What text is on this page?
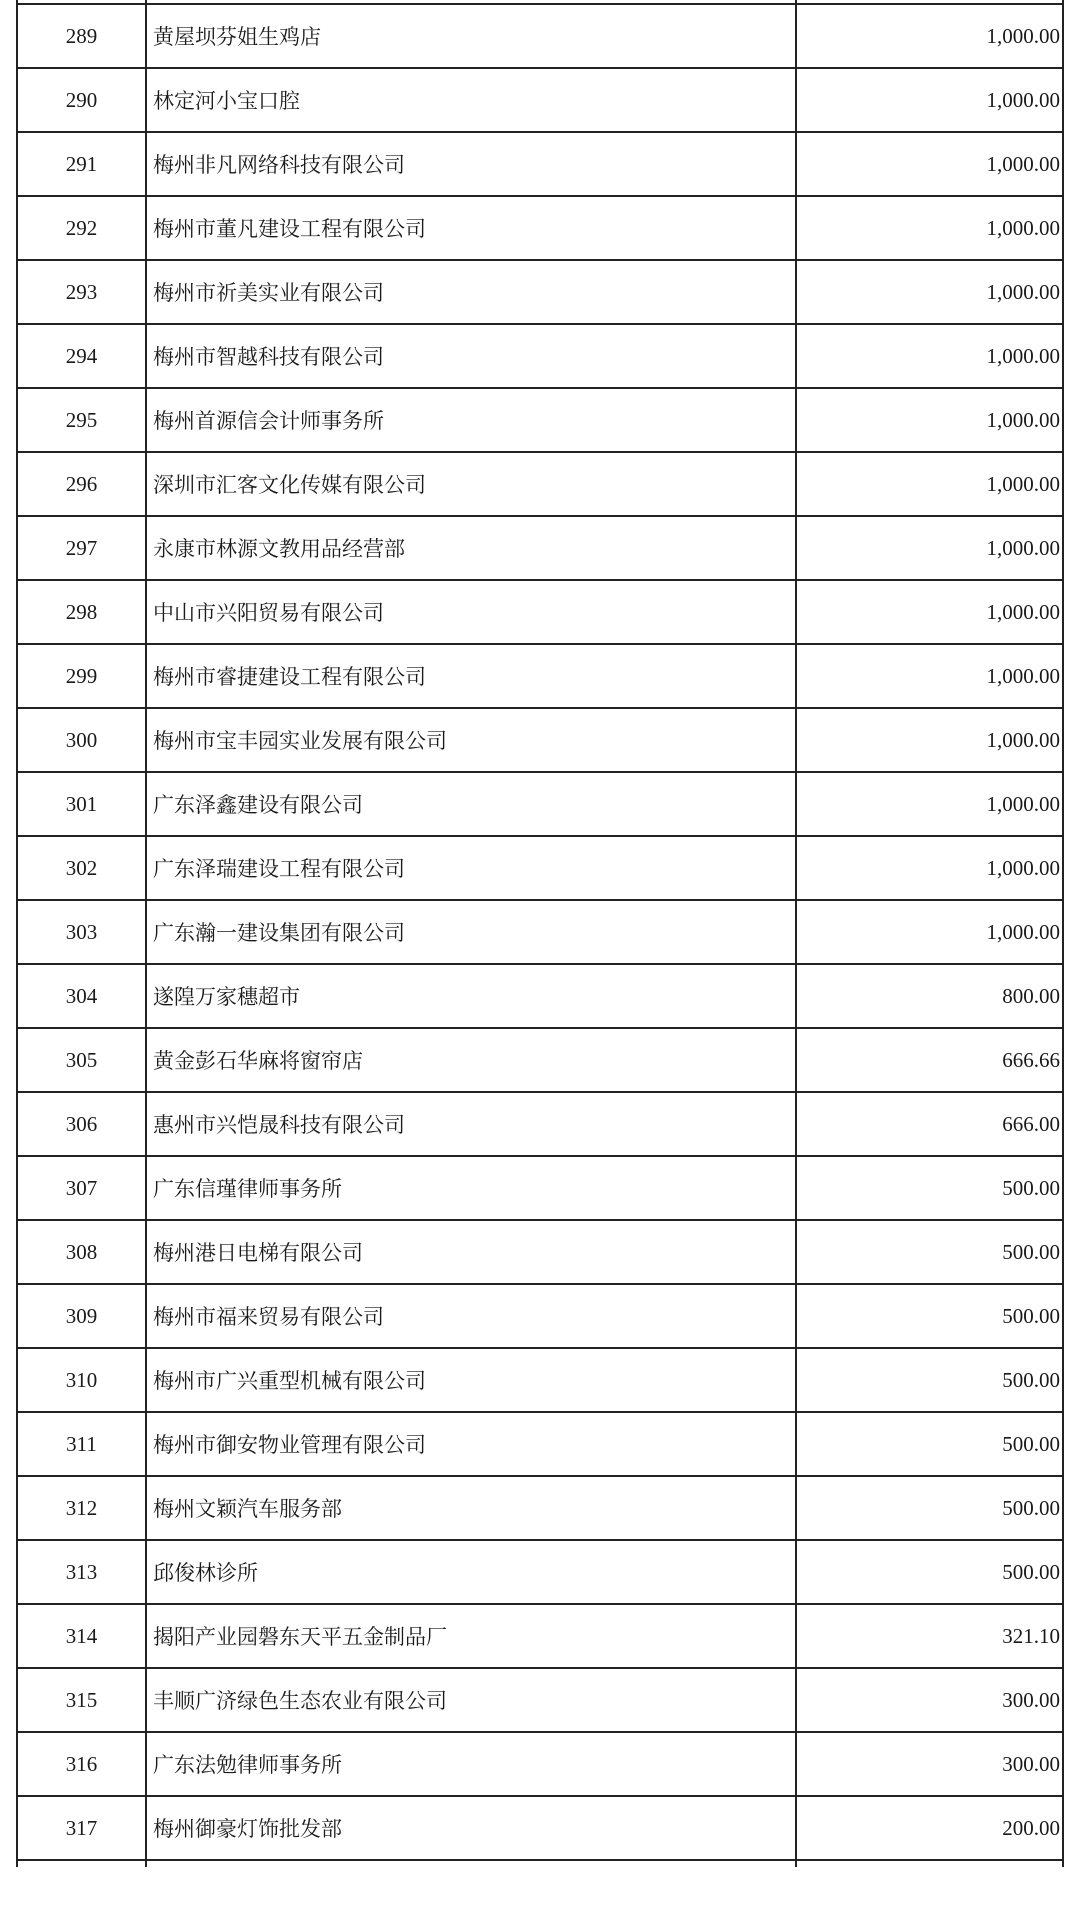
289	黄屋坝芬姐生鸡店	1,000.00
290	林定河小宝口腔	1,000.00
291	梅州非凡网络科技有限公司	1,000.00
292	梅州市董凡建设工程有限公司	1,000.00
293	梅州市祈美实业有限公司	1,000.00
294	梅州市智越科技有限公司	1,000.00
295	梅州首源信会计师事务所	1,000.00
296	深圳市汇客文化传媒有限公司	1,000.00
297	永康市林源文教用品经营部	1,000.00
298	中山市兴阳贸易有限公司	1,000.00
299	梅州市睿捷建设工程有限公司	1,000.00
300	梅州市宝丰园实业发展有限公司	1,000.00
301	广东泽鑫建设有限公司	1,000.00
302	广东泽瑞建设工程有限公司	1,000.00
303	广东瀚一建设集团有限公司	1,000.00
304	遂隍万家穗超市	800.00
305	黄金彭石华麻将窗帘店	666.66
306	惠州市兴恺晟科技有限公司	666.00
307	广东信瑾律师事务所	500.00
308	梅州港日电梯有限公司	500.00
309	梅州市福来贸易有限公司	500.00
310	梅州市广兴重型机械有限公司	500.00
311	梅州市御安物业管理有限公司	500.00
312	梅州文颖汽车服务部	500.00
313	邱俊林诊所	500.00
314	揭阳产业园磐东天平五金制品厂	321.10
315	丰顺广济绿色生态农业有限公司	300.00
316	广东法勉律师事务所	300.00
317	梅州御豪灯饰批发部	200.00
